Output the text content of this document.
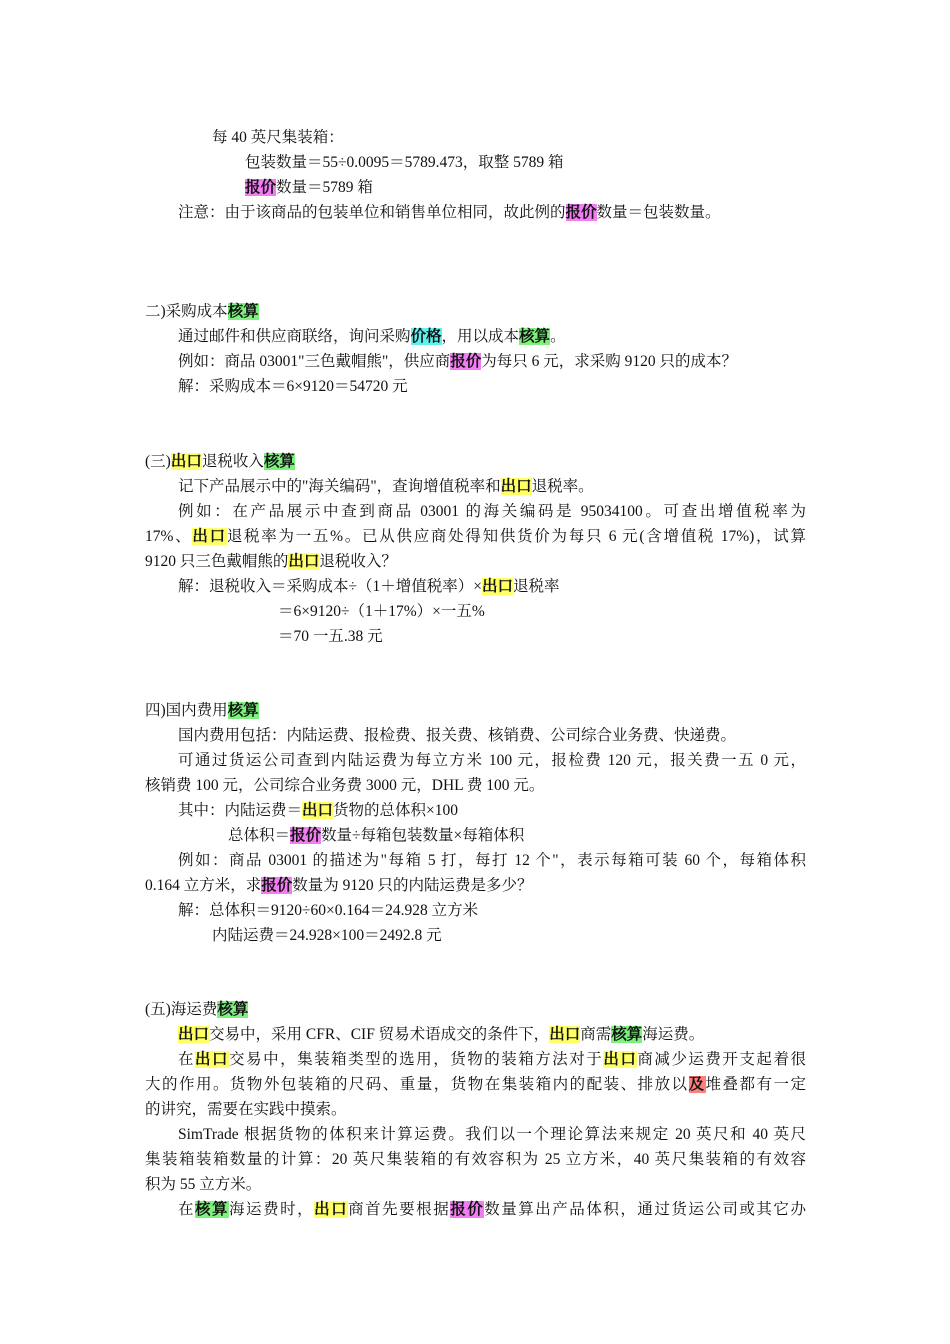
每 40 英尺集装箱：
包装数量＝55÷0.0095＝5789.473，取整 5789 箱
报价数量＝5789 箱
注意：由于该商品的包装单位和销售单位相同，故此例的报价数量＝包装数量。
二)采购成本核算
通过邮件和供应商联络，询问采购价格，用以成本核算。
例如：商品 03001"三色戴帽熊"，供应商报价为每只 6 元，求采购 9120 只的成本？
解：采购成本＝6×9120＝54720 元
(三)出口退税收入核算
记下产品展示中的"海关编码"，查询增值税率和出口退税率。
例如：在产品展示中查到商品 03001 的海关编码是 95034100。可查出增值税率为
17%、出口退税率为一五%。已从供应商处得知供货价为每只 6 元(含增值税 17%)，试算
9120 只三色戴帽熊的出口退税收入？
解：退税收入＝采购成本÷（1＋增值税率）×出口退税率
＝6×9120÷（1＋17%）×一五%
＝70 一五.38 元
四)国内费用核算
国内费用包括：内陆运费、报检费、报关费、核销费、公司综合业务费、快递费。
可通过货运公司查到内陆运费为每立方米 100 元，报检费 120 元，报关费一五 0 元，
核销费 100 元，公司综合业务费 3000 元，DHL 费 100 元。
其中：内陆运费＝出口货物的总体积×100
总体积＝报价数量÷每箱包装数量×每箱体积
例如：商品 03001 的描述为"每箱 5 打，每打 12 个"，表示每箱可装 60 个，每箱体积
0.164 立方米，求报价数量为 9120 只的内陆运费是多少？
解：总体积＝9120÷60×0.164＝24.928 立方米
内陆运费＝24.928×100＝2492.8 元
(五)海运费核算
出口交易中，采用 CFR、CIF 贸易术语成交的条件下，出口商需核算海运费。
在出口交易中，集装箱类型的选用，货物的装箱方法对于出口商减少运费开支起着很
大的作用。货物外包装箱的尺码、重量，货物在集装箱内的配装、排放以及堆叠都有一定
的讲究，需要在实践中摸索。
SimTrade 根据货物的体积来计算运费。我们以一个理论算法来规定 20 英尺和 40 英尺
集装箱装箱数量的计算：20 英尺集装箱的有效容积为 25 立方米，40 英尺集装箱的有效容
积为 55 立方米。
在核算海运费时，出口商首先要根据报价数量算出产品体积，通过货运公司或其它办
